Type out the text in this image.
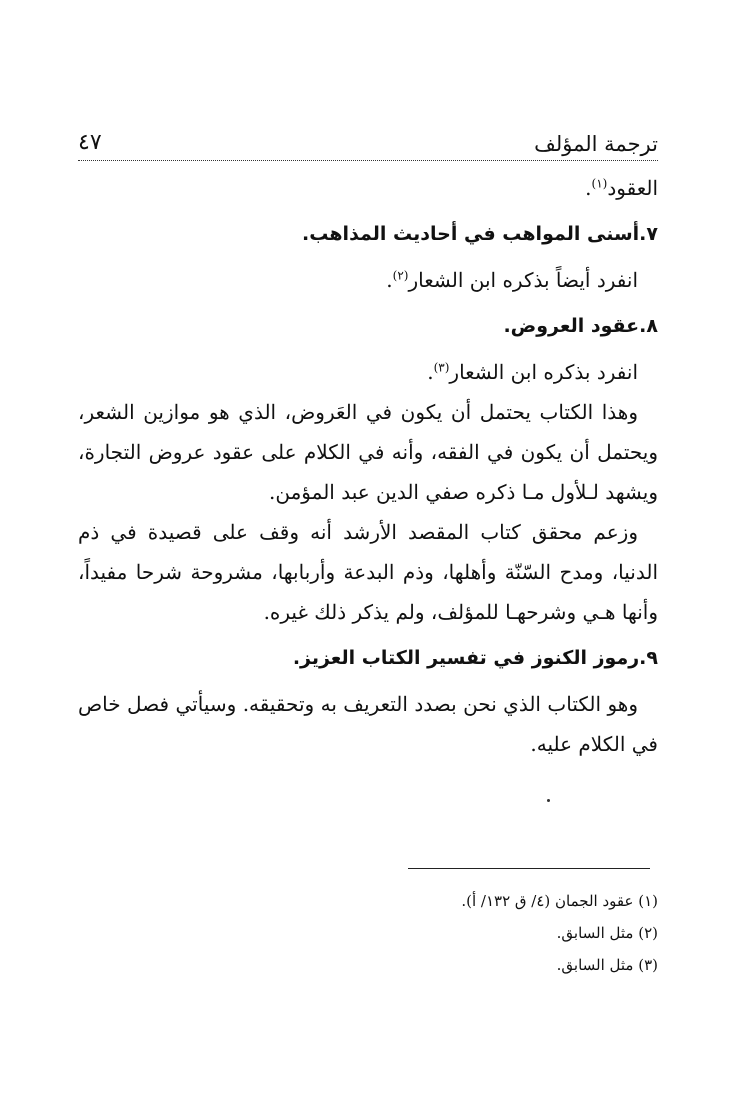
ترجمة المؤلف
٤٧

العقود$^{(١)}$.

٧.أسنى المواهب في أحاديث المذاهب.

انفرد أيضاً بذكره ابن الشعار$^{(٢)}$.

٨.عقود العروض.

انفرد بذكره ابن الشعار$^{(٣)}$.

وهذا الكتاب يحتمل أن يكون في العَروض، الذي هو موازين الشعر، ويحتمل أن يكون في الفقه، وأنه في الكلام على عقود عروض التجارة، ويشهد لـلأول مـا ذكره صفي الدين عبد المؤمن.

وزعم محقق كتاب المقصد الأرشد أنه وقف على قصيدة في ذم الدنيا، ومدح السّنّة وأهلها، وذم البدعة وأربابها، مشروحة شرحا مفيداً، وأنها هـي وشرحهـا للمؤلف، ولم يذكر ذلك غيره.

٩.رموز الكنوز في تفسير الكتاب العزيز.

وهو الكتاب الذي نحن بصدد التعريف به وتحقيقه. وسيأتي فصل خاص في الكلام عليه.

(١) عقود الجمان (٤/ ق ١٣٢/ أ).
(٢) مثل السابق.
(٣) مثل السابق.
